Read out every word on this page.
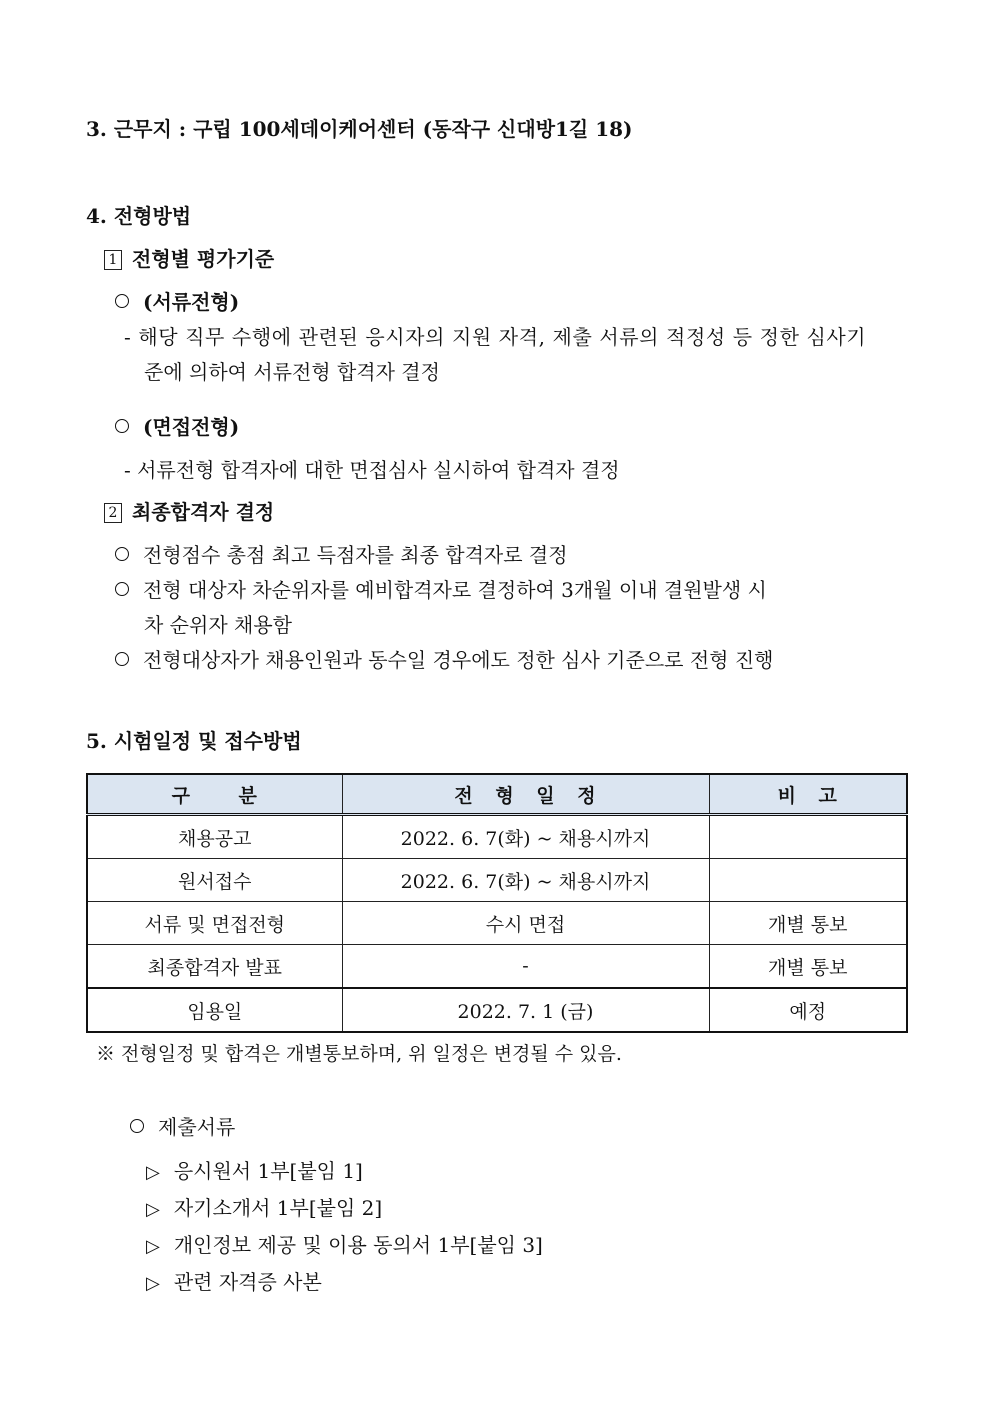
3. 근무지 : 구립 100세데이케어센터 (동작구 신대방1길 18)
4. 전형방법
1 전형별 평가기준
(서류전형)
- 해당 직무 수행에 관련된 응시자의 지원 자격, 제출 서류의 적정성 등 정한 심사기
준에 의하여 서류전형 합격자 결정
(면접전형)
- 서류전형 합격자에 대한 면접심사 실시하여 합격자 결정
2 최종합격자 결정
전형점수 총점 최고 득점자를 최종 합격자로 결정
전형 대상자 차순위자를 예비합격자로 결정하여 3개월 이내 결원발생 시
차 순위자 채용함
전형대상자가 채용인원과 동수일 경우에도 정한 심사 기준으로 전형 진행
5. 시험일정 및 접수방법
구 분	전 형 일 정	비 고
채용공고	2022. 6. 7(화) ~ 채용시까지	
원서접수	2022. 6. 7(화) ~ 채용시까지	
서류 및 면접전형	수시 면접	개별 통보
최종합격자 발표	-	개별 통보
임용일	2022. 7. 1 (금)	예정
※ 전형일정 및 합격은 개별통보하며, 위 일정은 변경될 수 있음.
제출서류
▷ 응시원서 1부[붙임 1]
▷ 자기소개서 1부[붙임 2]
▷ 개인정보 제공 및 이용 동의서 1부[붙임 3]
▷ 관련 자격증 사본
